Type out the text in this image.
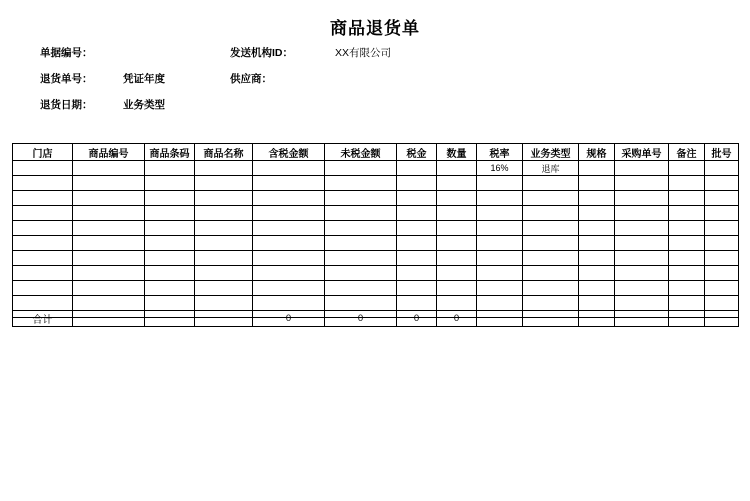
商品退货单
单据编号：	发送机构ID：	XX有限公司
退货单号：	凭证年度	供应商：
退货日期：	业务类型
门店	商品编号	商品条码	商品名称	含税金额	未税金额	税金	数量	税率	业务类型	规格	采购单号	备注	批号
								16%	退库				

合计				0	0	0	0						
